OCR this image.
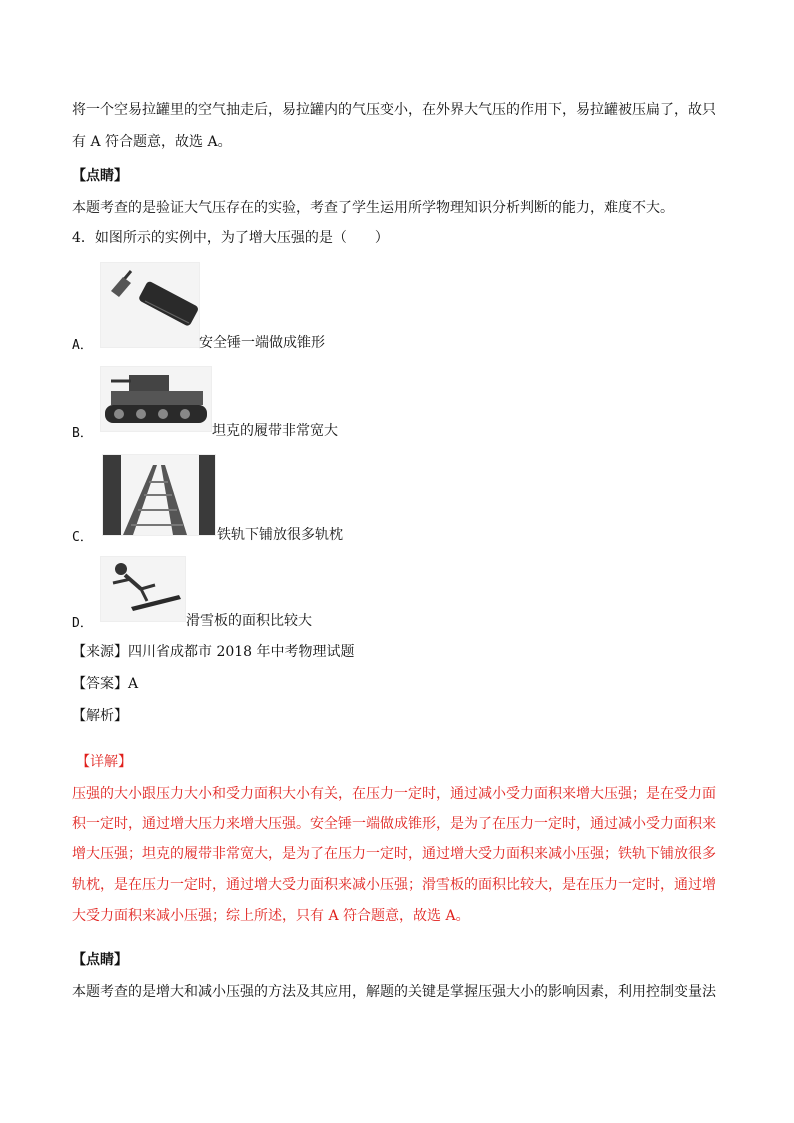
将一个空易拉罐里的空气抽走后，易拉罐内的气压变小，在外界大气压的作用下，易拉罐被压扁了，故只
有 A 符合题意，故选 A。
【点睛】
本题考查的是验证大气压存在的实验，考查了学生运用所学物理知识分析判断的能力，难度不大。
4．如图所示的实例中，为了增大压强的是（　　）
A．	安全锤一端做成锥形
B．	坦克的履带非常宽大
C．	铁轨下铺放很多轨枕
D．	滑雪板的面积比较大
【来源】四川省成都市 2018 年中考物理试题
【答案】A
【解析】
【详解】
压强的大小跟压力大小和受力面积大小有关，在压力一定时，通过减小受力面积来增大压强；是在受力面
积一定时，通过增大压力来增大压强。安全锤一端做成锥形，是为了在压力一定时，通过减小受力面积来
增大压强；坦克的履带非常宽大，是为了在压力一定时，通过增大受力面积来减小压强；铁轨下铺放很多
轨枕，是在压力一定时，通过增大受力面积来减小压强；滑雪板的面积比较大，是在压力一定时，通过增
大受力面积来减小压强；综上所述，只有 A 符合题意，故选 A。
【点睛】
本题考查的是增大和减小压强的方法及其应用，解题的关键是掌握压强大小的影响因素，利用控制变量法
